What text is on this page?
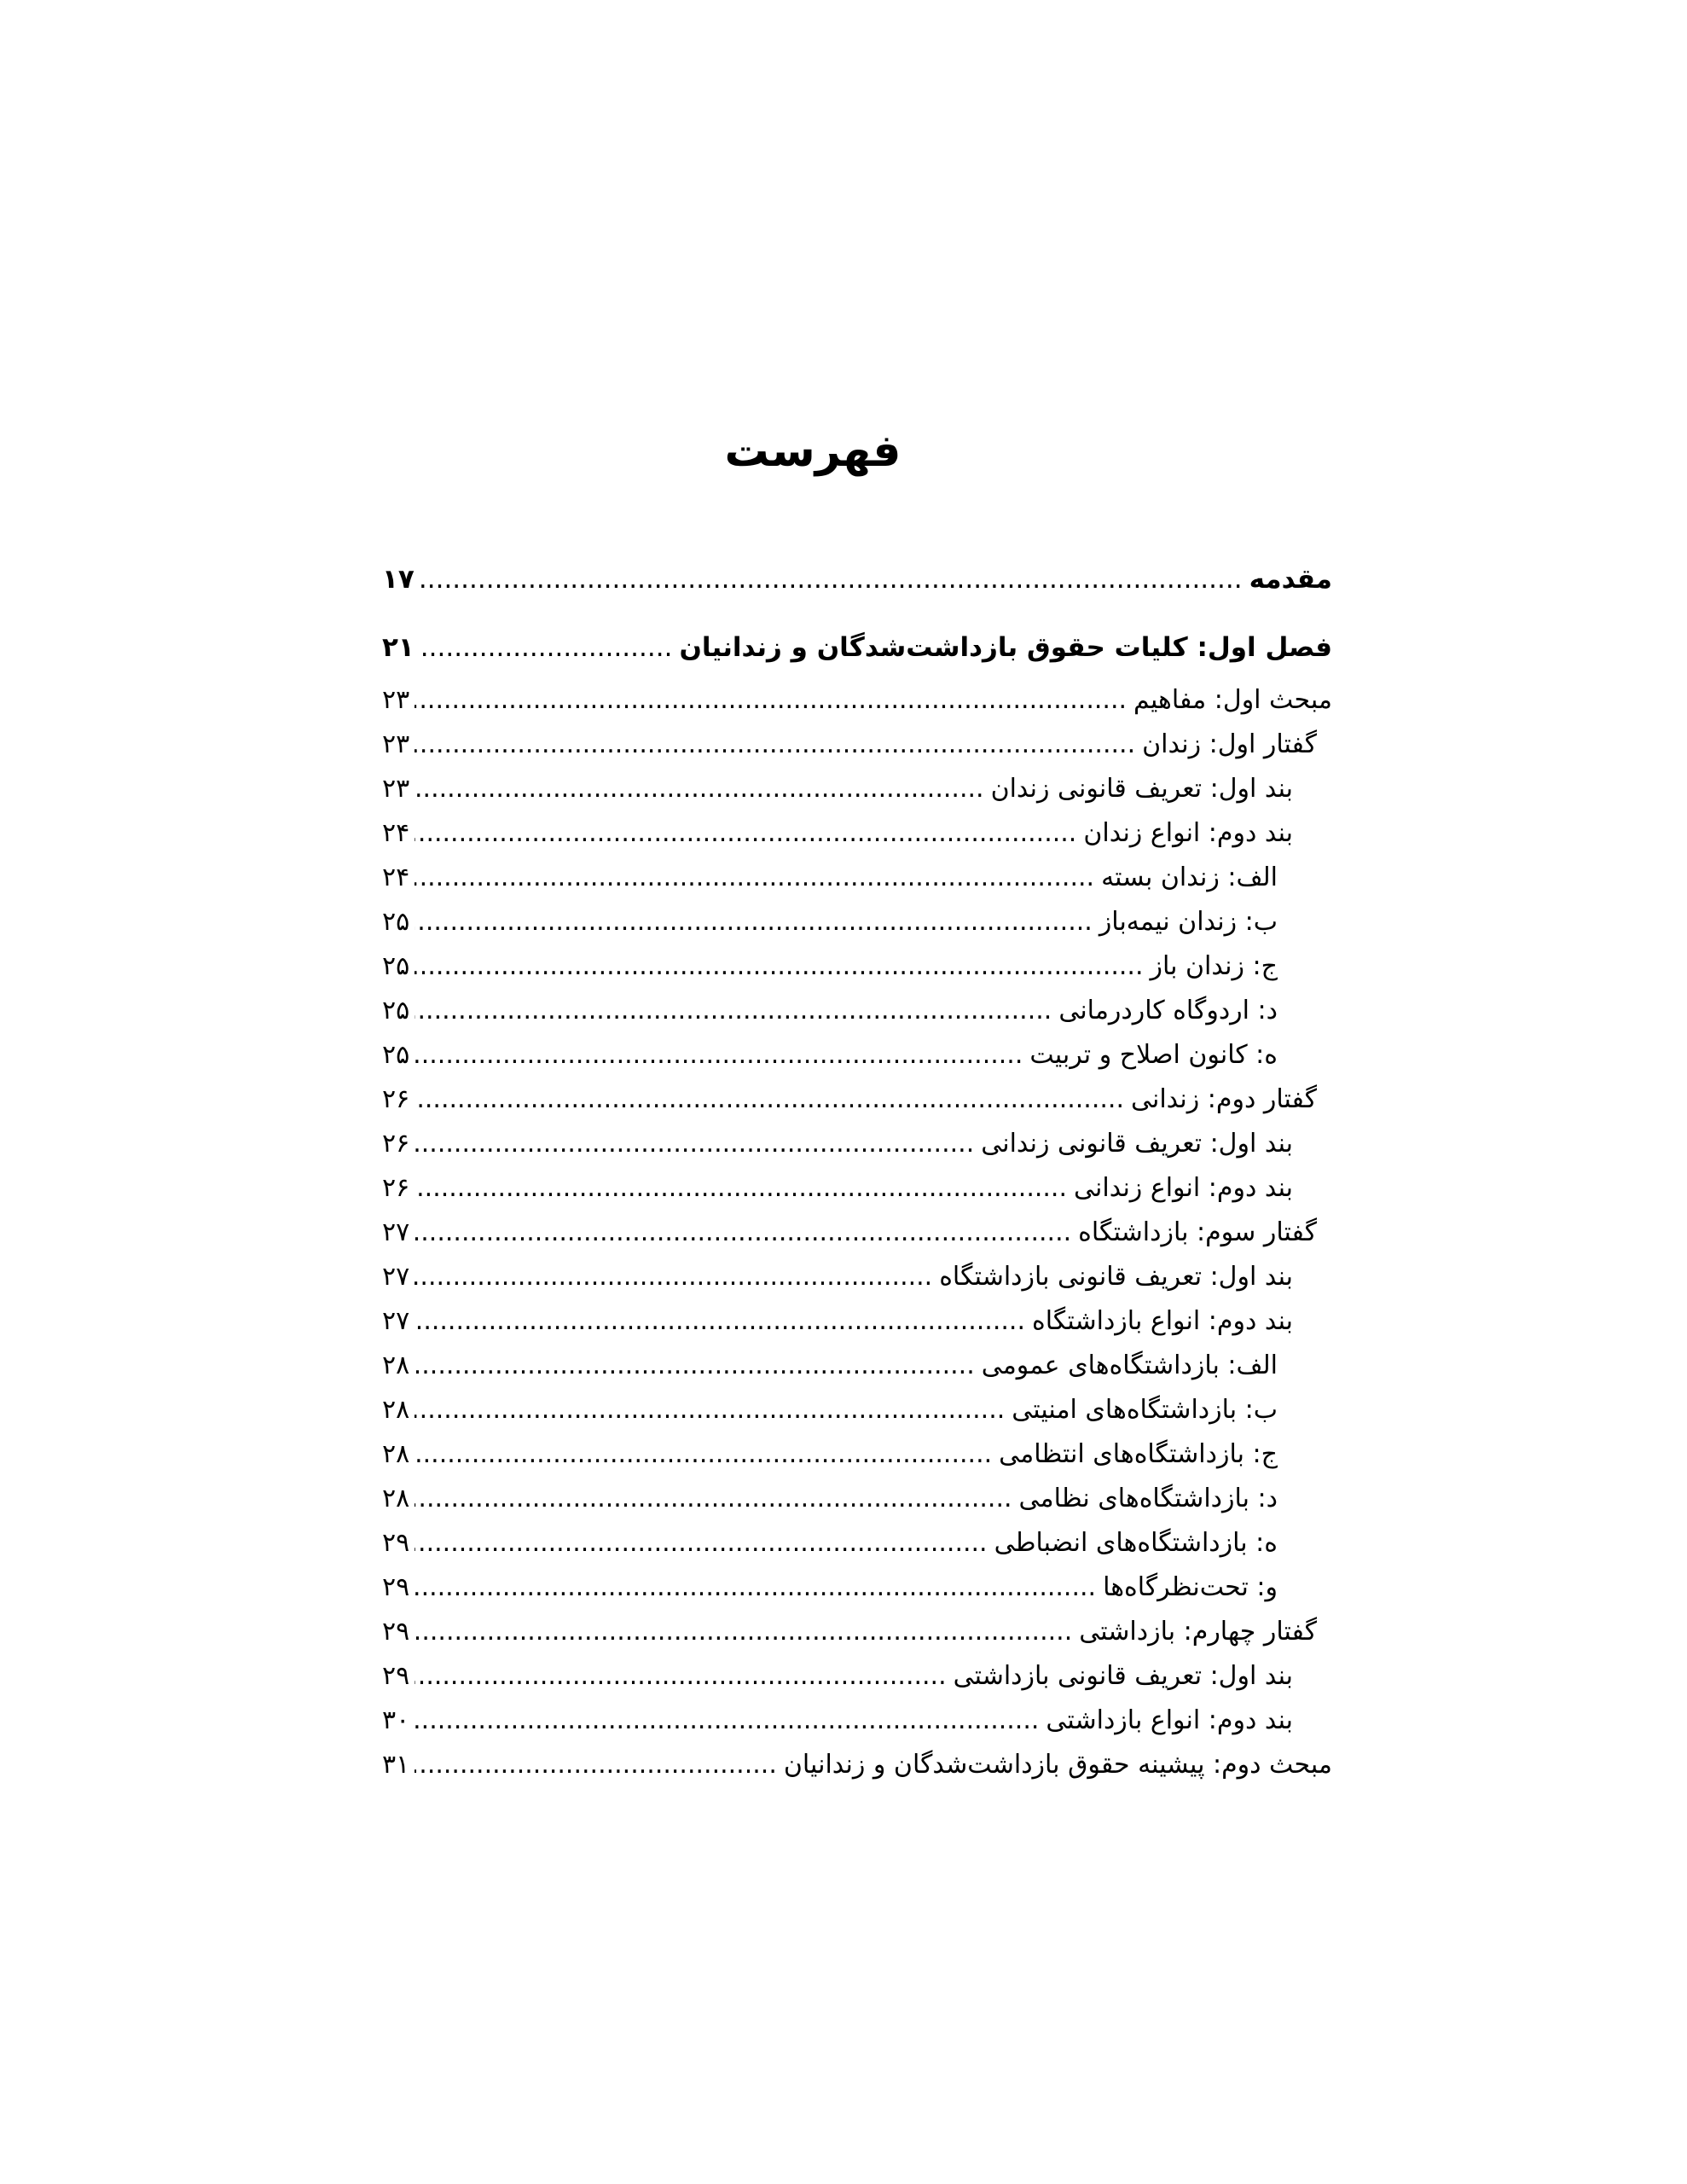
فهرست
مقدمه
.....
۱۷
فصل اول: کلیات حقوق بازداشت‌شدگان و زندانیان
.....
۲۱
مبحث اول: مفاهیم
.....
۲۳
گفتار اول: زندان
.....
۲۳
بند اول: تعریف قانونی زندان
.....
۲۳
بند دوم: انواع زندان
.....
۲۴
الف: زندان بسته
.....
۲۴
ب: زندان نیمه‌باز
.....
۲۵
ج: زندان باز
.....
۲۵
د: اردوگاه کاردرمانی
.....
۲۵
ه: کانون اصلاح و تربیت
.....
۲۵
گفتار دوم: زندانی
.....
۲۶
بند اول: تعریف قانونی زندانی
.....
۲۶
بند دوم: انواع زندانی
.....
۲۶
گفتار سوم: بازداشتگاه
.....
۲۷
بند اول: تعریف قانونی بازداشتگاه
.....
۲۷
بند دوم: انواع بازداشتگاه
.....
۲۷
الف: بازداشتگاه‌های عمومی
.....
۲۸
ب: بازداشتگاه‌های امنیتی
.....
۲۸
ج: بازداشتگاه‌های انتظامی
.....
۲۸
د: بازداشتگاه‌های نظامی
.....
۲۸
ه: بازداشتگاه‌های انضباطی
.....
۲۹
و: تحت‌نظرگاه‌ها
.....
۲۹
گفتار چهارم: بازداشتی
.....
۲۹
بند اول: تعریف قانونی بازداشتی
.....
۲۹
بند دوم: انواع بازداشتی
.....
۳۰
مبحث دوم: پیشینه حقوق بازداشت‌شدگان و زندانیان
.....
۳۱
